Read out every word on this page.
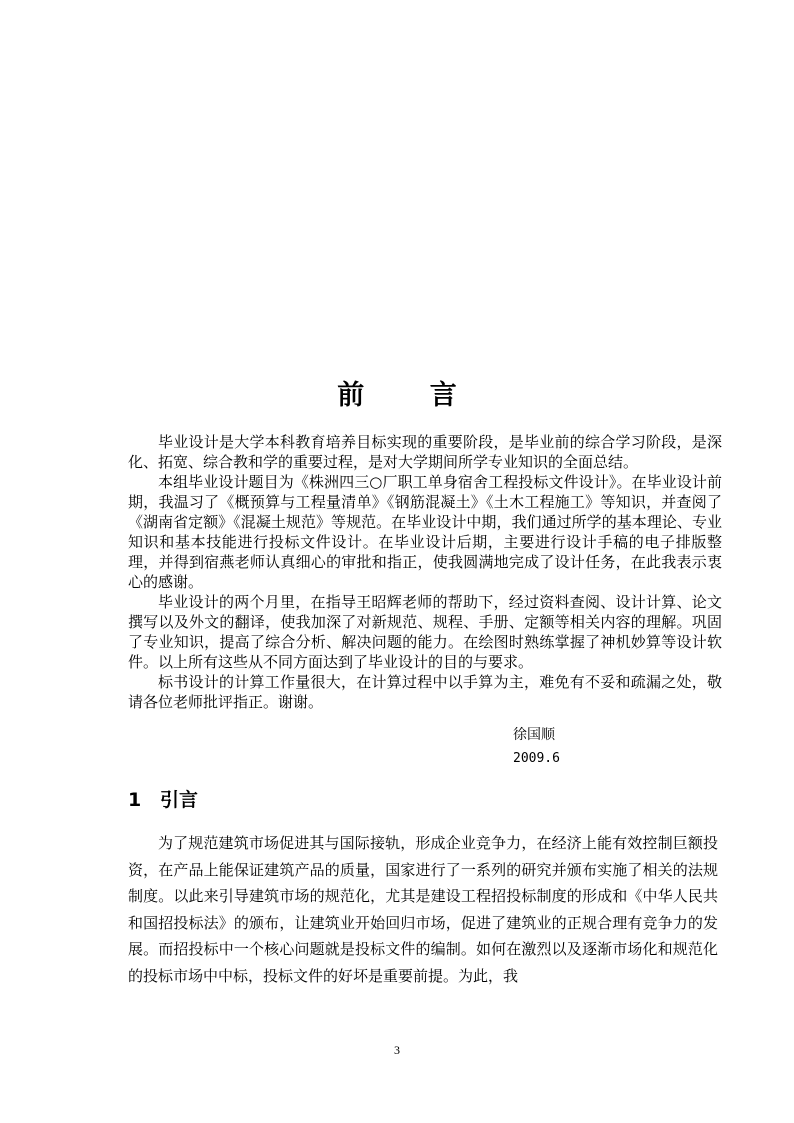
前 言

毕业设计是大学本科教育培养目标实现的重要阶段，是毕业前的综合学习阶段，是深化、拓宽、综合教和学的重要过程，是对大学期间所学专业知识的全面总结。

本组毕业设计题目为《株洲四三○厂职工单身宿舍工程投标文件设计》。在毕业设计前期，我温习了《概预算与工程量清单》《钢筋混凝土》《土木工程施工》等知识，并查阅了《湖南省定额》《混凝土规范》等规范。在毕业设计中期，我们通过所学的基本理论、专业知识和基本技能进行投标文件设计。在毕业设计后期，主要进行设计手稿的电子排版整理，并得到宿燕老师认真细心的审批和指正，使我圆满地完成了设计任务，在此我表示衷心的感谢。

毕业设计的两个月里，在指导王昭辉老师的帮助下，经过资料查阅、设计计算、论文撰写以及外文的翻译，使我加深了对新规范、规程、手册、定额等相关内容的理解。巩固了专业知识，提高了综合分析、解决问题的能力。在绘图时熟练掌握了神机妙算等设计软件。以上所有这些从不同方面达到了毕业设计的目的与要求。

标书设计的计算工作量很大，在计算过程中以手算为主，难免有不妥和疏漏之处，敬请各位老师批评指正。谢谢。

徐国顺
2009.6
1 引言

为了规范建筑市场促进其与国际接轨，形成企业竞争力，在经济上能有效控制巨额投资，在产品上能保证建筑产品的质量，国家进行了一系列的研究并颁布实施了相关的法规制度。以此来引导建筑市场的规范化，尤其是建设工程招投标制度的形成和《中华人民共和国招投标法》的颁布，让建筑业开始回归市场，促进了建筑业的正规合理有竞争力的发展。而招投标中一个核心问题就是投标文件的编制。如何在激烈以及逐渐市场化和规范化的投标市场中中标，投标文件的好坏是重要前提。为此，我

3
